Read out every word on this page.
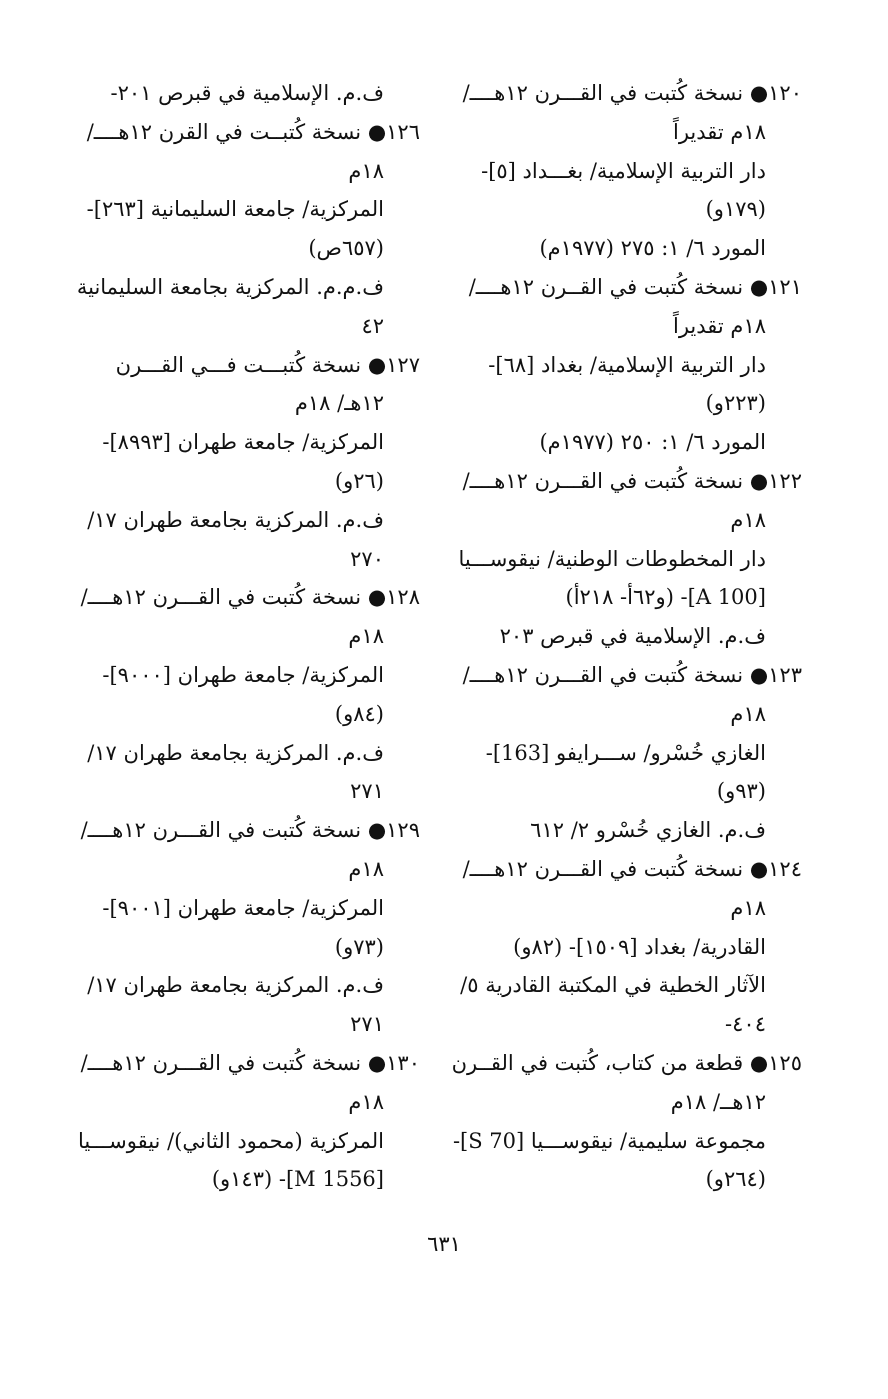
١٢٠● نسخة كُتبت في القـــرن ١٢هــــ/
١٨م تقديراً
دار التربية الإسلامية/ بغـــداد [٥]-
(١٧٩و)
المورد ٦/ ١: ٢٧٥ (١٩٧٧م)
١٢١● نسخة كُتبت في القــرن ١٢هــــ/
١٨م تقديراً
دار التربية الإسلامية/ بغداد [٦٨]-
(٢٢٣و)
المورد ٦/ ١: ٢٥٠ (١٩٧٧م)
١٢٢● نسخة كُتبت في القـــرن ١٢هــــ/
١٨م
دار المخطوطات الوطنية/ نيقوســـيا
[A 100]- (و٦٢أ- ٢١٨أ)
ف.م. الإسلامية في قبرص ٢٠٣
١٢٣● نسخة كُتبت في القـــرن ١٢هــــ/
١٨م
الغازي خُسْرو/ ســـرايفو [163]-
(٩٣و)
ف.م. الغازي خُسْرو ٢/ ٦١٢
١٢٤● نسخة كُتبت في القـــرن ١٢هــــ/
١٨م
القادرية/ بغداد [١٥٠٩]- (٨٢و)
الآثار الخطية في المكتبة القادرية ٥/
٤٠٤-
١٢٥● قطعة من كتاب، كُتبت في القــرن
١٢هــ/ ١٨م
مجموعة سليمية/ نيقوســـيا [S 70]-
(٢٦٤و)
ف.م. الإسلامية في قبرص ٢٠١-
١٢٦● نسخة كُتبــت في القرن ١٢هــــ/
١٨م
المركزية/ جامعة السليمانية [٢٦٣]-
(٦٥٧ص)
ف.م.م. المركزية بجامعة السليمانية
٤٢
١٢٧● نسخة كُتبـــت فـــي القـــرن
١٢هـ/ ١٨م
المركزية/ جامعة طهران [٨٩٩٣]-
(٢٦و)
ف.م. المركزية بجامعة طهران ١٧/
٢٧٠
١٢٨● نسخة كُتبت في القـــرن ١٢هــــ/
١٨م
المركزية/ جامعة طهران [٩٠٠٠]-
(٨٤و)
ف.م. المركزية بجامعة طهران ١٧/
٢٧١
١٢٩● نسخة كُتبت في القـــرن ١٢هــــ/
١٨م
المركزية/ جامعة طهران [٩٠٠١]-
(٧٣و)
ف.م. المركزية بجامعة طهران ١٧/
٢٧١
١٣٠● نسخة كُتبت في القـــرن ١٢هــــ/
١٨م
المركزية (محمود الثاني)/ نيقوســـيا
[M 1556]- (١٤٣و)
٦٣١
